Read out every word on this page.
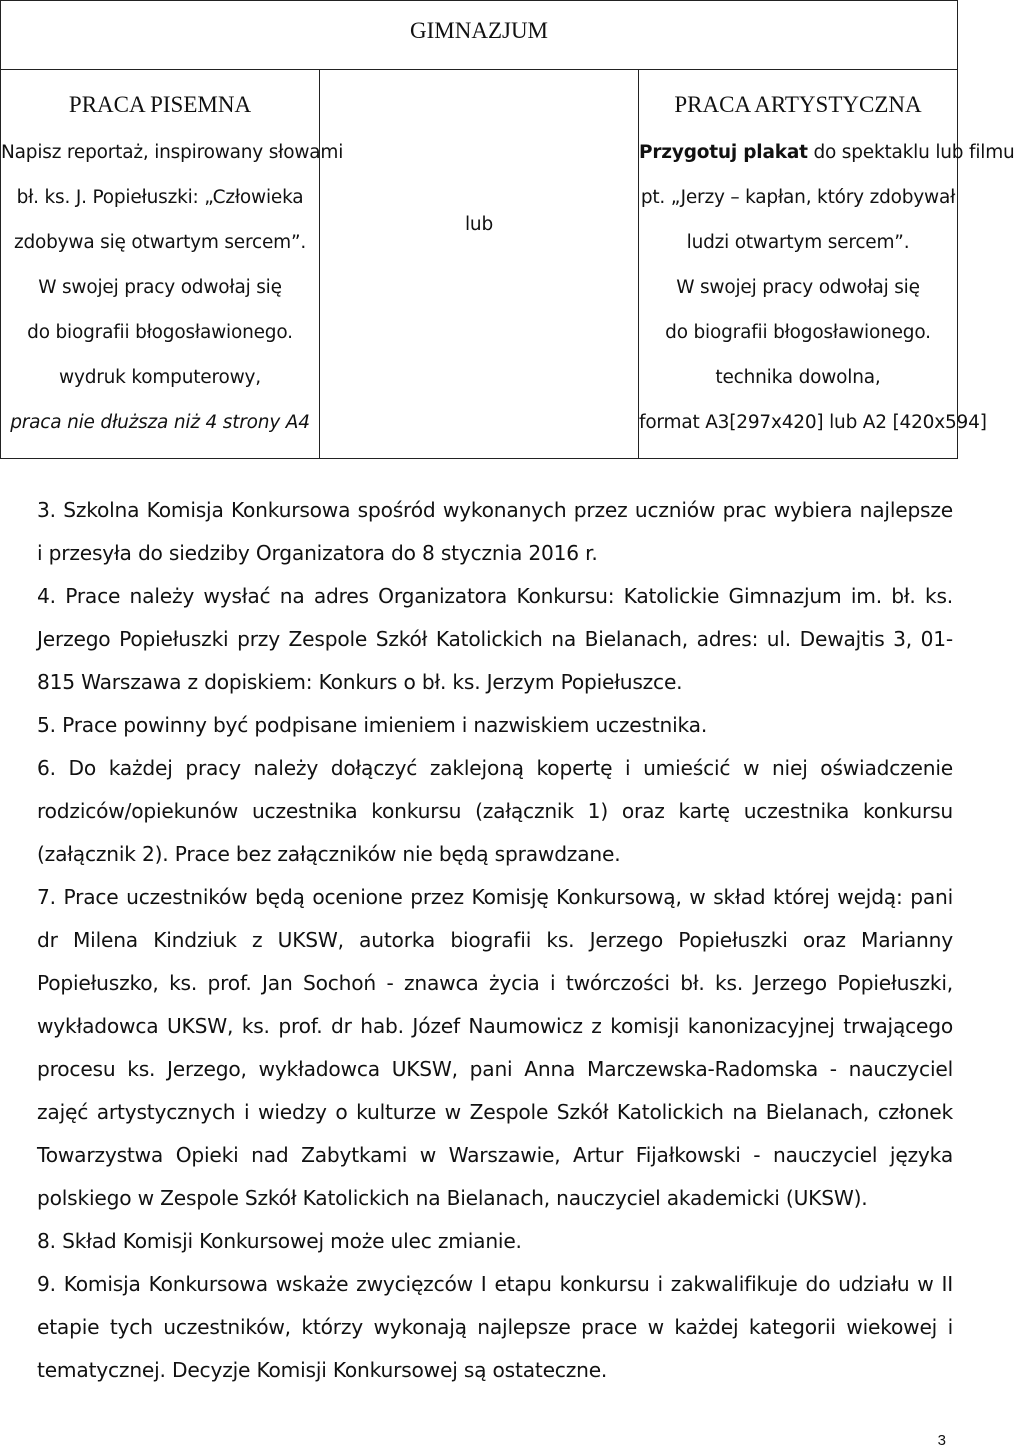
GIMNAZJUM

PRACA PISEMNA
Napisz reportaż, inspirowany słowami
bł. ks. J. Popiełuszki: „Człowieka
zdobywa się otwartym sercem”.
W swojej pracy odwołaj się
do biografii błogosławionego.
wydruk komputerowy,
praca nie dłuższa niż 4 strony A4

lub

PRACA ARTYSTYCZNA
Przygotuj plakat do spektaklu lub filmu
pt. „Jerzy – kapłan, który zdobywał
ludzi otwartym sercem”.
W swojej pracy odwołaj się
do biografii błogosławionego.
technika dowolna,
format A3[297x420] lub A2 [420x594]

3. Szkolna Komisja Konkursowa spośród wykonanych przez uczniów prac wybiera najlepsze i przesyła do siedziby Organizatora do 8 stycznia 2016 r.

4. Prace należy wysłać na adres Organizatora Konkursu: Katolickie Gimnazjum im. bł. ks. Jerzego Popiełuszki przy Zespole Szkół Katolickich na Bielanach, adres: ul. Dewajtis 3, 01-815 Warszawa z dopiskiem: Konkurs o bł. ks. Jerzym Popiełuszce.

5. Prace powinny być podpisane imieniem i nazwiskiem uczestnika.

6. Do każdej pracy należy dołączyć zaklejoną kopertę i umieścić w niej oświadczenie rodziców/opiekunów uczestnika konkursu (załącznik 1) oraz kartę uczestnika konkursu (załącznik 2). Prace bez załączników nie będą sprawdzane.

7. Prace uczestników będą ocenione przez Komisję Konkursową, w skład której wejdą: pani dr Milena Kindziuk z UKSW, autorka biografii ks. Jerzego Popiełuszki oraz Marianny Popiełuszko, ks. prof. Jan Sochoń - znawca życia i twórczości bł. ks. Jerzego Popiełuszki, wykładowca UKSW, ks. prof. dr hab. Józef Naumowicz z komisji kanonizacyjnej trwającego procesu ks. Jerzego, wykładowca UKSW, pani Anna Marczewska-Radomska - nauczyciel zajęć artystycznych i wiedzy o kulturze w Zespole Szkół Katolickich na Bielanach, członek Towarzystwa Opieki nad Zabytkami w Warszawie, Artur Fijałkowski - nauczyciel języka polskiego w Zespole Szkół Katolickich na Bielanach, nauczyciel akademicki (UKSW).

8. Skład Komisji Konkursowej może ulec zmianie.

9. Komisja Konkursowa wskaże zwycięzców I etapu konkursu i zakwalifikuje do udziału w II etapie tych uczestników, którzy wykonają najlepsze prace w każdej kategorii wiekowej i tematycznej. Decyzje Komisji Konkursowej są ostateczne.

3
